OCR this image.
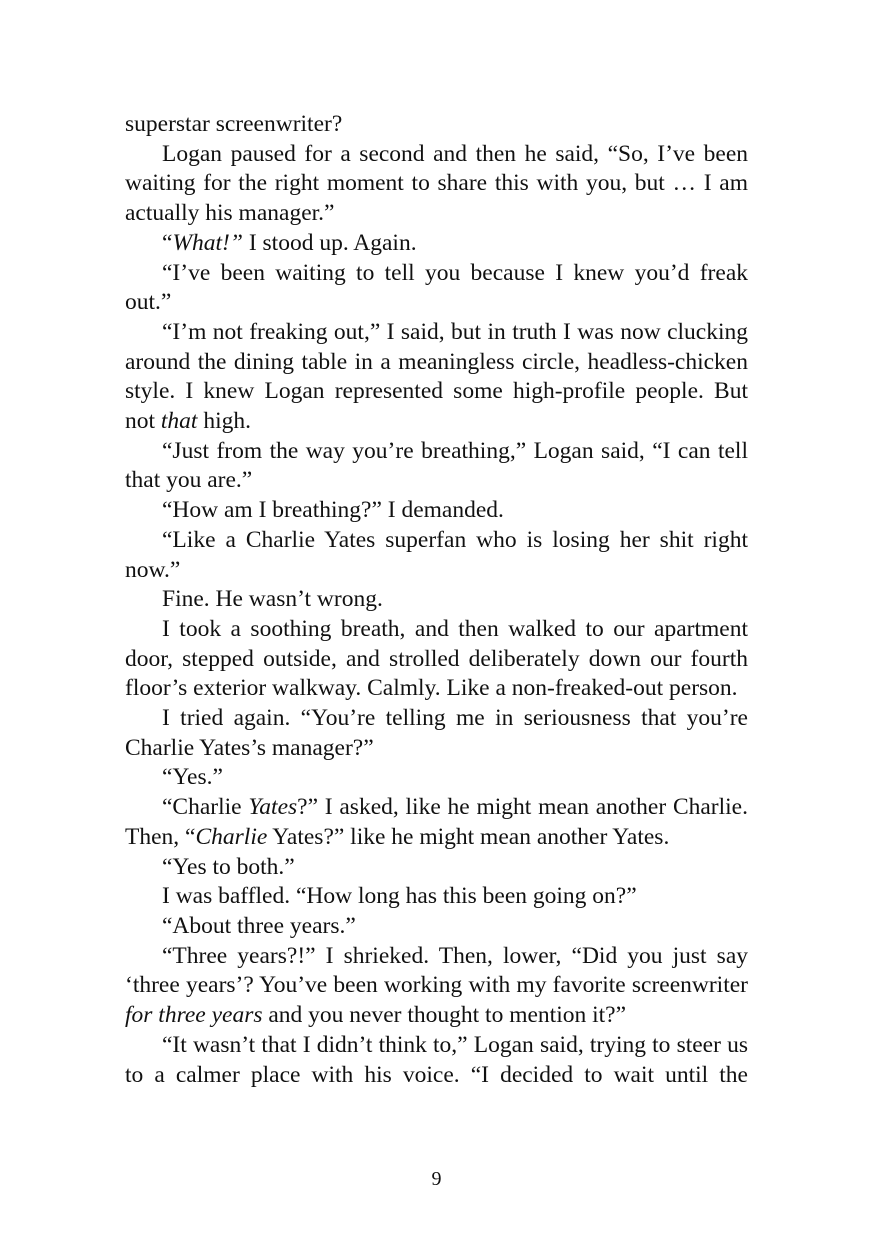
superstar screenwriter?

Logan paused for a second and then he said, “So, I’ve been waiting for the right moment to share this with you, but … I am actually his manager.”

“What!” I stood up. Again.

“I’ve been waiting to tell you because I knew you’d freak out.”

“I’m not freaking out,” I said, but in truth I was now clucking around the dining table in a meaningless circle, headless-chicken style. I knew Logan represented some high-profile people. But not that high.

“Just from the way you’re breathing,” Logan said, “I can tell that you are.”

“How am I breathing?” I demanded.

“Like a Charlie Yates superfan who is losing her shit right now.”

Fine. He wasn’t wrong.

I took a soothing breath, and then walked to our apartment door, stepped outside, and strolled deliberately down our fourth floor’s exterior walkway. Calmly. Like a non-freaked-out person.

I tried again. “You’re telling me in seriousness that you’re Charlie Yates’s manager?”

“Yes.”

“Charlie Yates?” I asked, like he might mean another Charlie. Then, “Charlie Yates?” like he might mean another Yates.

“Yes to both.”

I was baffled. “How long has this been going on?”

“About three years.”

“Three years?!” I shrieked. Then, lower, “Did you just say ‘three years’? You’ve been working with my favorite screenwriter for three years and you never thought to mention it?”

“It wasn’t that I didn’t think to,” Logan said, trying to steer us to a calmer place with his voice. “I decided to wait until the

9
